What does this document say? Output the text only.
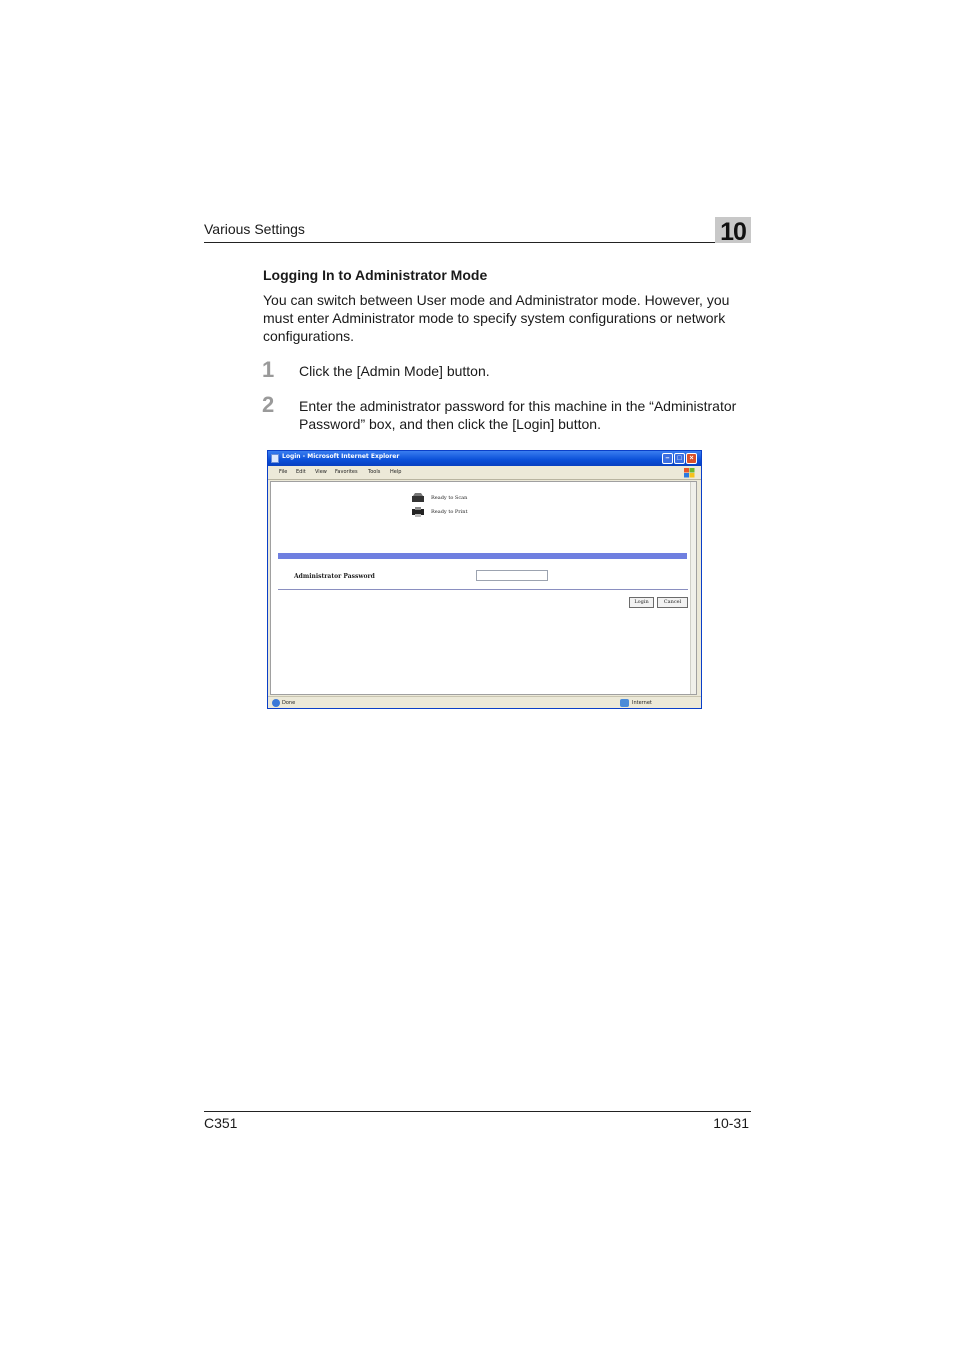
Various Settings	10
Logging In to Administrator Mode
You can switch between User mode and Administrator mode. However, you must enter Administrator mode to specify system configurations or network configurations.
1 Click the [Admin Mode] button.
2 Enter the administrator password for this machine in the “Administrator Password” box, and then click the [Login] button.
Login - Microsoft Internet Explorer	–	□	×
File Edit View Favorites Tools Help
Ready to Scan
Ready to Print
Administrator Password
Login	Cancel
Done	Internet
C351	10-31
